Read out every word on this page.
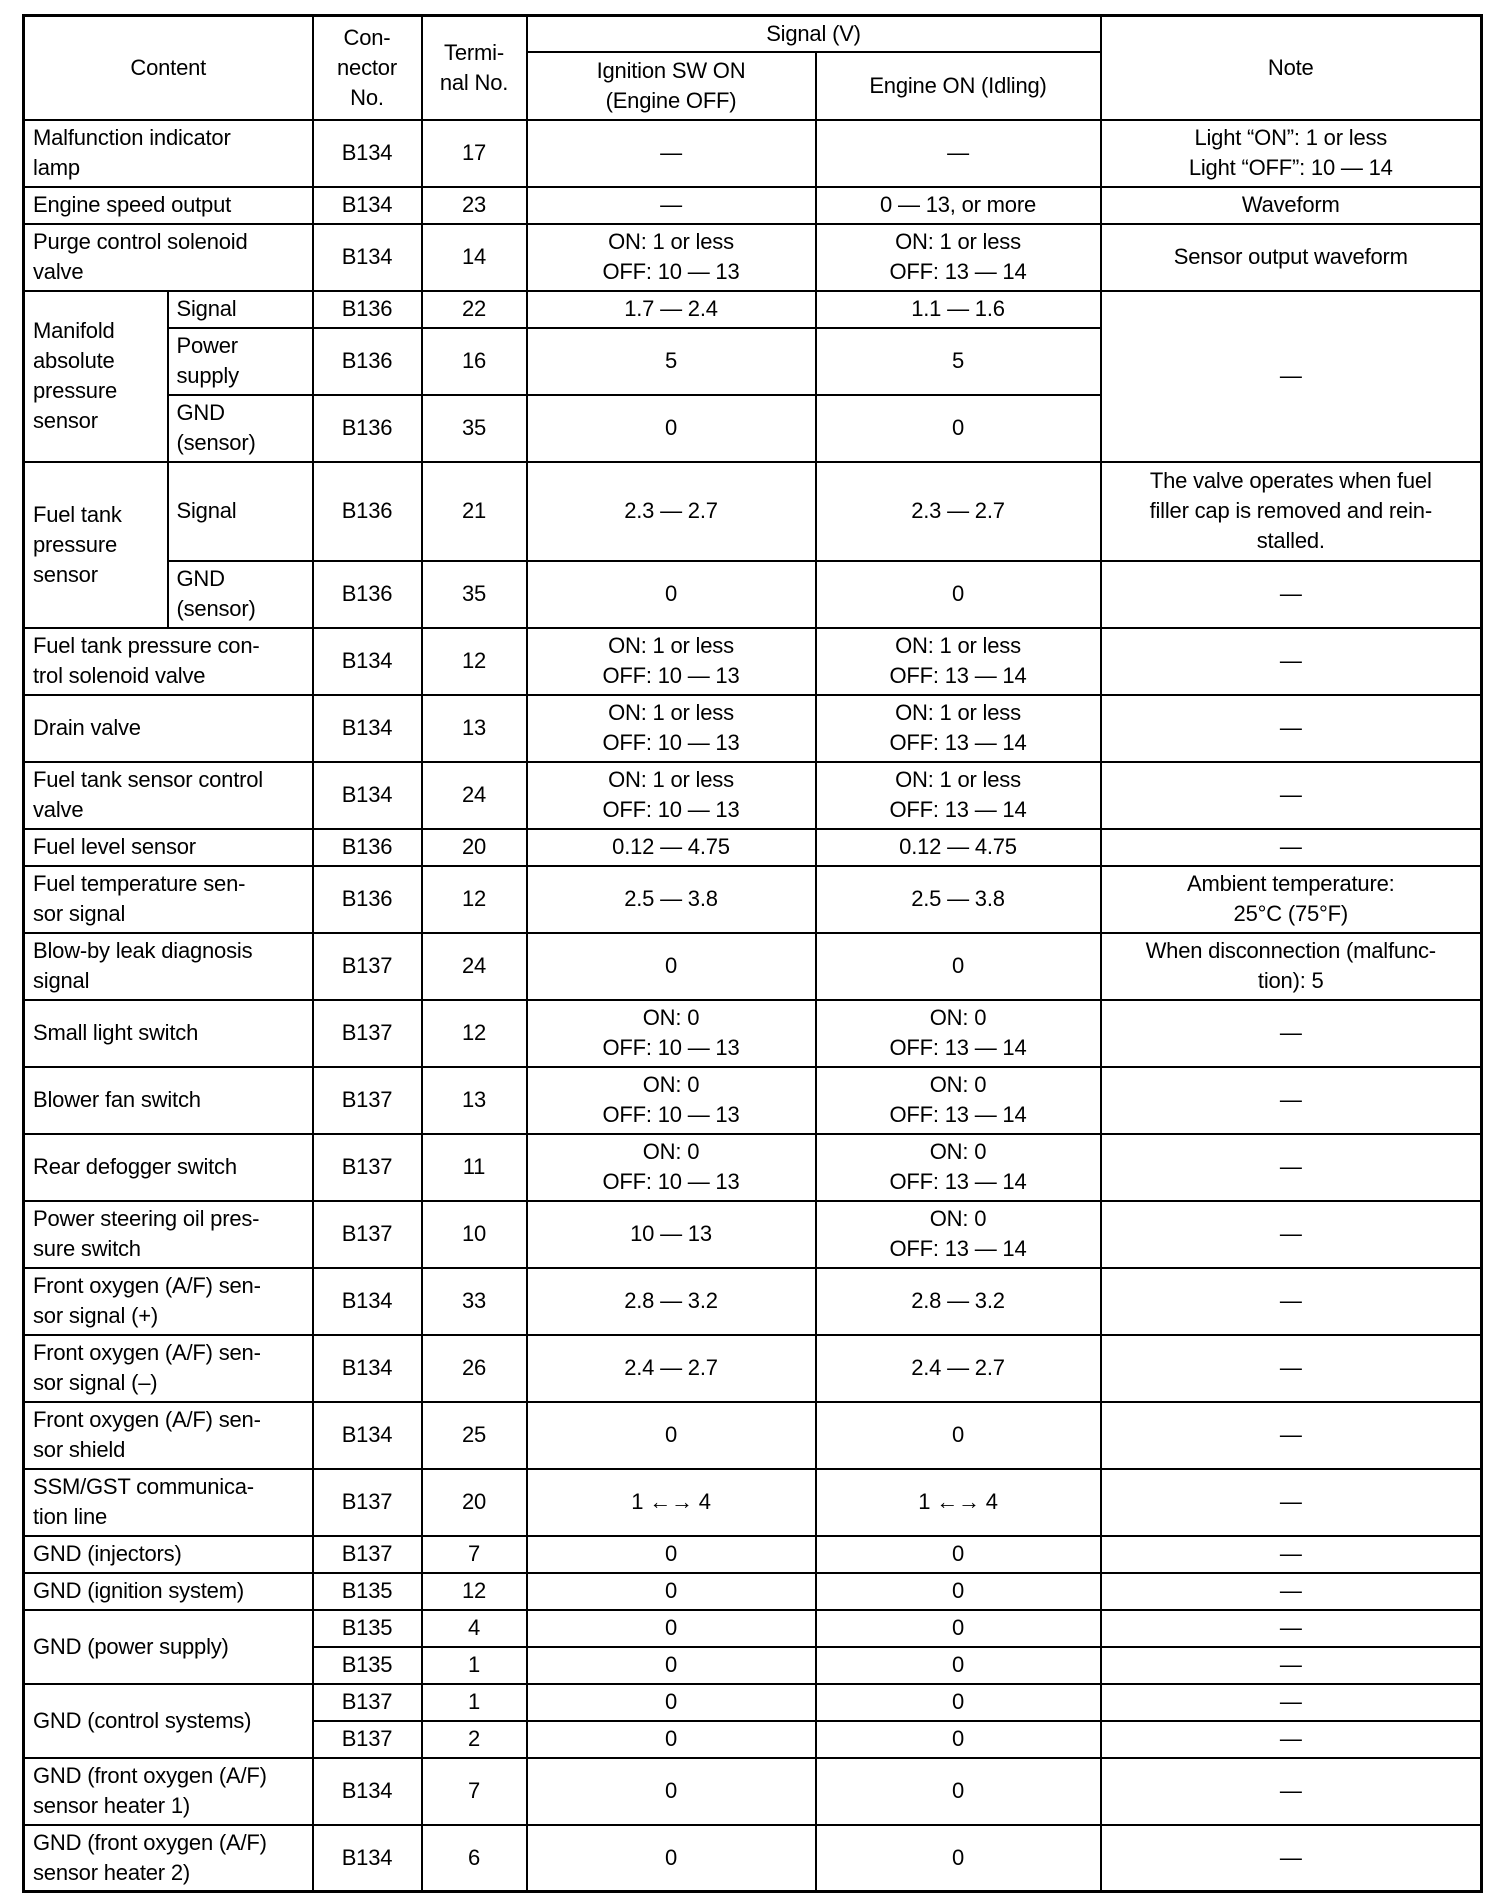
Content		Con-
nector
No.	Termi-
nal No.	Signal (V)		Note
				Ignition SW ON
(Engine OFF)	Engine ON (Idling)	
Malfunction indicator
lamp		B134	17	—	—	Light “ON”: 1 or less
Light “OFF”: 10 — 14
Engine speed output		B134	23	—	0 — 13, or more	Waveform
Purge control solenoid
valve		B134	14	ON: 1 or less
OFF: 10 — 13	ON: 1 or less
OFF: 13 — 14	Sensor output waveform
Manifold
absolute
pressure
sensor	Signal	B136	22	1.7 — 2.4	1.1 — 1.6	—
	Power
supply	B136	16	5	5	
	GND
(sensor)	B136	35	0	0	
Fuel tank
pressure
sensor	Signal	B136	21	2.3 — 2.7	2.3 — 2.7	The valve operates when fuel
filler cap is removed and rein-
stalled.
	GND
(sensor)	B136	35	0	0	—
Fuel tank pressure con-
trol solenoid valve		B134	12	ON: 1 or less
OFF: 10 — 13	ON: 1 or less
OFF: 13 — 14	—
Drain valve		B134	13	ON: 1 or less
OFF: 10 — 13	ON: 1 or less
OFF: 13 — 14	—
Fuel tank sensor control
valve		B134	24	ON: 1 or less
OFF: 10 — 13	ON: 1 or less
OFF: 13 — 14	—
Fuel level sensor		B136	20	0.12 — 4.75	0.12 — 4.75	—
Fuel temperature sen-
sor signal		B136	12	2.5 — 3.8	2.5 — 3.8	Ambient temperature:
25°C (75°F)
Blow-by leak diagnosis
signal		B137	24	0	0	When disconnection (malfunc-
tion): 5
Small light switch		B137	12	ON: 0
OFF: 10 — 13	ON: 0
OFF: 13 — 14	—
Blower fan switch		B137	13	ON: 0
OFF: 10 — 13	ON: 0
OFF: 13 — 14	—
Rear defogger switch		B137	11	ON: 0
OFF: 10 — 13	ON: 0
OFF: 13 — 14	—
Power steering oil pres-
sure switch		B137	10	10 — 13	ON: 0
OFF: 13 — 14	—
Front oxygen (A/F) sen-
sor signal (+)		B134	33	2.8 — 3.2	2.8 — 3.2	—
Front oxygen (A/F) sen-
sor signal (–)		B134	26	2.4 — 2.7	2.4 — 2.7	—
Front oxygen (A/F) sen-
sor shield		B134	25	0	0	—
SSM/GST communica-
tion line		B137	20	1 ←→ 4	1 ←→ 4	—
GND (injectors)		B137	7	0	0	—
GND (ignition system)		B135	12	0	0	—
GND (power supply)		B135	4	0	0	—
		B135	1	0	0	—
GND (control systems)		B137	1	0	0	—
		B137	2	0	0	—
GND (front oxygen (A/F)
sensor heater 1)		B134	7	0	0	—
GND (front oxygen (A/F)
sensor heater 2)		B134	6	0	0	—
